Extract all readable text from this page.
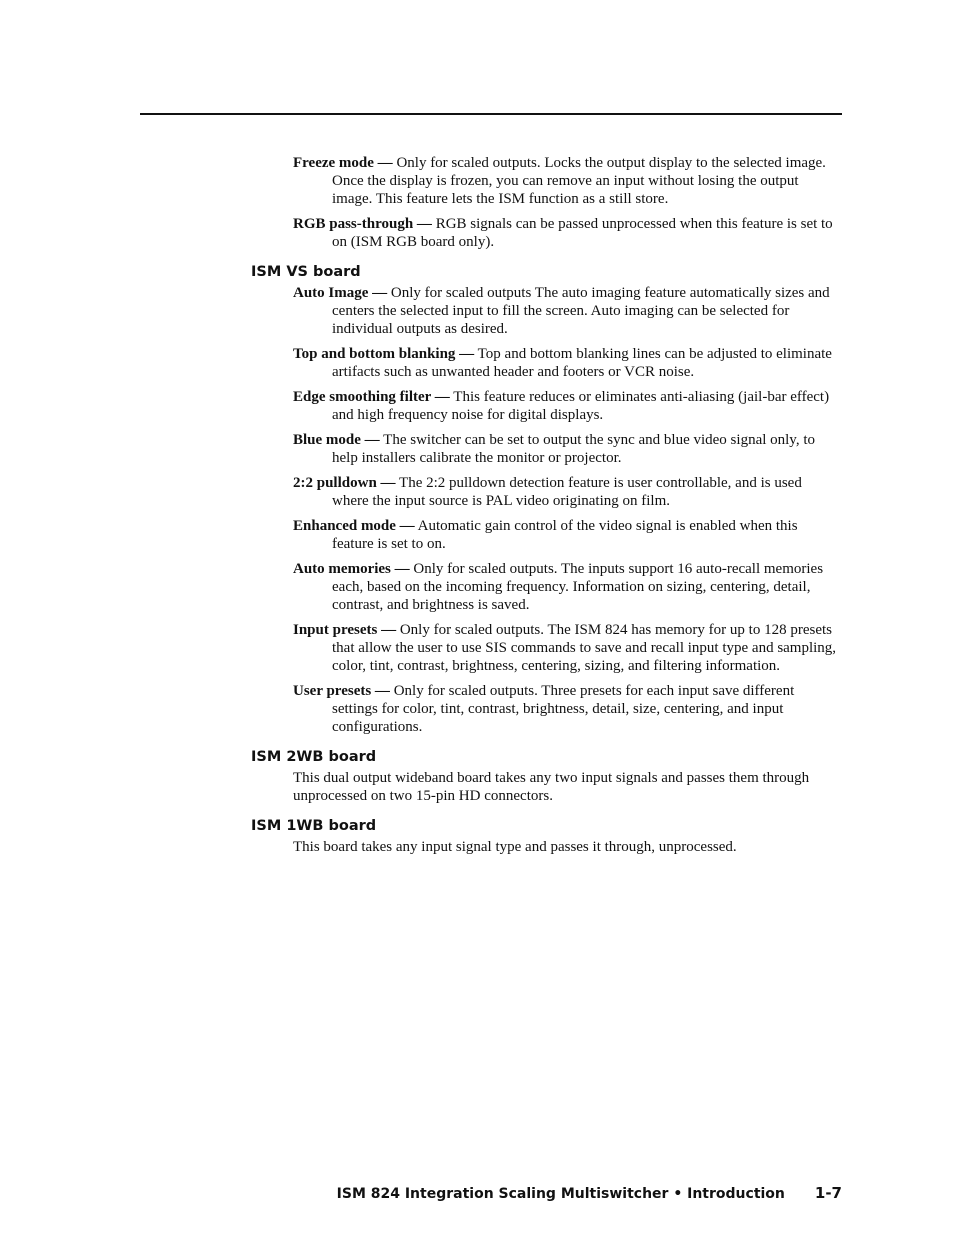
Freeze mode — Only for scaled outputs. Locks the output display to the selected image. Once the display is frozen, you can remove an input without losing the output image. This feature lets the ISM function as a still store.
RGB pass-through — RGB signals can be passed unprocessed when this feature is set to on (ISM RGB board only).
ISM VS board
Auto Image — Only for scaled outputs The auto imaging feature automatically sizes and centers the selected input to fill the screen. Auto imaging can be selected for individual outputs as desired.
Top and bottom blanking — Top and bottom blanking lines can be adjusted to eliminate artifacts such as unwanted header and footers or VCR noise.
Edge smoothing filter — This feature reduces or eliminates anti-aliasing (jail-bar effect) and high frequency noise for digital displays.
Blue mode — The switcher can be set to output the sync and blue video signal only, to help installers calibrate the monitor or projector.
2:2 pulldown — The 2:2 pulldown detection feature is user controllable, and is used where the input source is PAL video originating on film.
Enhanced mode — Automatic gain control of the video signal is enabled when this feature is set to on.
Auto memories — Only for scaled outputs. The inputs support 16 auto-recall memories each, based on the incoming frequency. Information on sizing, centering, detail, contrast, and brightness is saved.
Input presets — Only for scaled outputs. The ISM 824 has memory for up to 128 presets that allow the user to use SIS commands to save and recall input type and sampling, color, tint, contrast, brightness, centering, sizing, and filtering information.
User presets — Only for scaled outputs. Three presets for each input save different settings for color, tint, contrast, brightness, detail, size, centering, and input configurations.
ISM 2WB board
This dual output wideband board takes any two input signals and passes them through unprocessed on two 15-pin HD connectors.
ISM 1WB board
This board takes any input signal type and passes it through, unprocessed.
ISM 824 Integration Scaling Multiswitcher • Introduction 1-7
